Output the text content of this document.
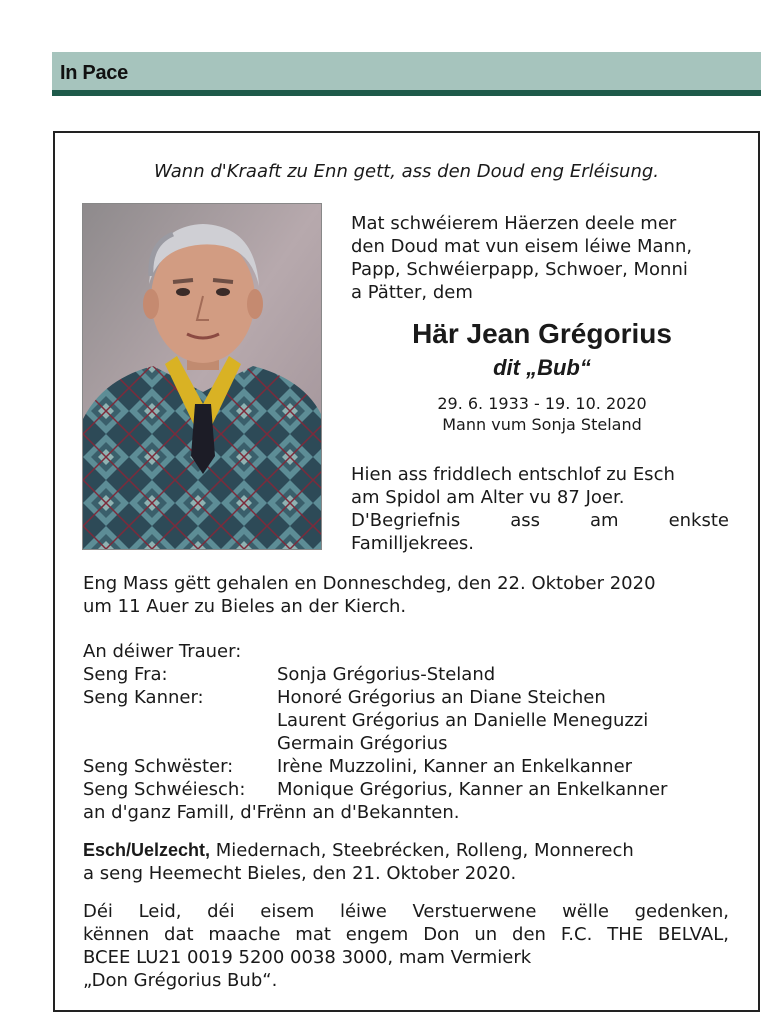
In Pace
Wann d'Kraaft zu Enn gett, ass den Doud eng Erléisung.
Mat schwéierem Häerzen deele mer
den Doud mat vun eisem léiwe Mann,
Papp, Schwéierpapp, Schwoer, Monni
a Pätter, dem
Här Jean Grégorius
dit „Bub“
29. 6. 1933 - 19. 10. 2020
Mann vum Sonja Steland
Hien ass friddlech entschlof zu Esch
am Spidol am Alter vu 87 Joer.
D'Begriefnis ass am enkste
Familljekrees.
Eng Mass gëtt gehalen en Donneschdeg, den 22. Oktober 2020
um 11 Auer zu Bieles an der Kierch.
An déiwer Trauer:
Seng Fra:	Sonja Grégorius-Steland
Seng Kanner:	Honoré Grégorius an Diane Steichen
Laurent Grégorius an Danielle Meneguzzi
Germain Grégorius
Seng Schwëster:	Irène Muzzolini, Kanner an Enkelkanner
Seng Schwéiesch:	Monique Grégorius, Kanner an Enkelkanner
an d'ganz Famill, d'Frënn an d'Bekannten.
Esch/Uelzecht, Miedernach, Steebrécken, Rolleng, Monnerech
a seng Heemecht Bieles, den 21. Oktober 2020.
Déi Leid, déi eisem léiwe Verstuerwene wëlle gedenken,
kënnen dat maache mat engem Don un den F.C. THE BELVAL,
BCEE LU21 0019 5200 0038 3000, mam Vermierk
„Don Grégorius Bub“.
